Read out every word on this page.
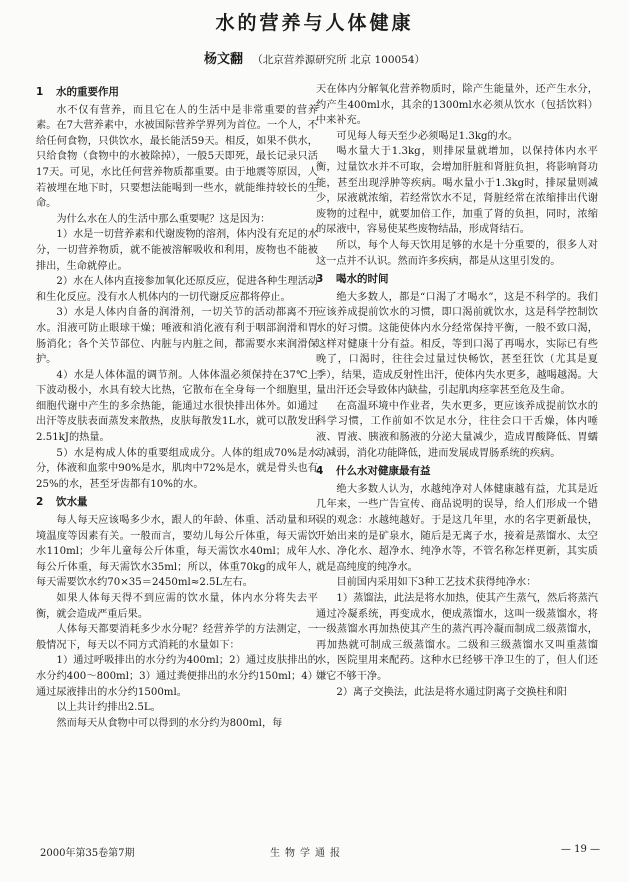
水的营养与人体健康
杨文翻 （北京营养源研究所 北京 100054）
1 水的重要作用

水不仅有营养，而且它在人的生活中是非常重要的营养素。在7大营养素中，水被国际营养学界列为首位。一个人，不给任何食物，只供饮水，最长能活59天。相反，如果不供水，只给食物（食物中的水被除掉），一般5天即死，最长记录只活17天。可见，水比任何营养物质都重要。由于地震等原因，人若被埋在地下时，只要想法能喝到一些水，就能维持较长的生命。

为什么水在人的生活中那么重要呢？这是因为：

1）水是一切营养素和代谢废物的溶剂，体内没有充足的水分，一切营养物质，就不能被溶解吸收和利用，废物也不能被排出，生命就停止。

2）水在人体内直接参加氧化还原反应，促进各种生理活动和生化反应。没有水人机体内的一切代谢反应都将停止。

3）水是人体内自备的润滑剂，一切关节的活动都离不开水。泪液可防止眼球干燥；唾液和消化液有利于咽部润滑和胃肠消化；各个关节部位、内脏与内脏之间，都需要水来润滑保护。

4）水是人体体温的调节剂。人体体温必须保持在37℃上下波动极小，水具有较大比热，它散布在全身每一个细胞里，细胞代谢中产生的多余热能，能通过水很快排出体外。如通过出汗等皮肤表面蒸发来散热，皮肤每散发1L水，就可以散发出2.51kJ的热量。

5）水是构成人体的重要组成成分。人体的组成70%是水分，体液和血浆中90%是水，肌肉中72%是水，就是骨头也有25%的水，甚至牙齿都有10%的水。

2 饮水量

每人每天应该喝多少水，跟人的年龄、体重、活动量和环境温度等因素有关。一般而言，要幼儿每公斤体重，每天需饮水110ml；少年儿童每公斤体重，每天需饮水40ml；成年人每公斤体重，每天需饮水35ml；所以，体重70kg的成年人，每天需要饮水约70×35＝2450ml≈2.5L左右。

如果人体每天得不到应需的饮水量，体内水分将失去平衡，就会造成严重后果。

人体每天都要消耗多少水分呢？经营养学的方法测定，一般情况下，每天以不同方式消耗的水量如下：

1）通过呼吸排出的水分约为400ml；2）通过皮肤排出的水分约400～800ml；3）通过粪便排出的水分约150ml；4）通过尿液排出的水分约1500ml。

以上共计约排出2.5L。

然而每天从食物中可以得到的水分约为800ml，每

天在体内分解氧化营养物质时，除产生能量外，还产生水分，约产生400ml水，其余的1300ml水必须从饮水（包括饮料）中来补充。

可见每人每天至少必须喝足1.3kg的水。

喝水量大于1.3kg，则排尿量就增加，以保持体内水平衡，过量饮水并不可取，会增加肝脏和肾脏负担，将影响肾功能，甚至出现浮肿等疾病。喝水量小于1.3kg时，排尿量则减少，尿液就浓缩，若经常饮水不足，肾脏经常在浓缩排出代谢废物的过程中，就要加倍工作，加重了肾的负担，同时，浓缩的尿液中，容易使某些废物结晶，形成肾结石。

所以，每个人每天饮用足够的水是十分重要的，很多人对这一点并不认识。然而许多疾病，都是从这里引发的。

3 喝水的时间

绝大多数人，都是“口渴了才喝水”，这是不科学的。我们应该养成提前饮水的习惯，即口渴前就饮水，这是科学控制饮水的好习惯。这能使体内水分经常保持平衡，一般不致口渴，这样对健康十分有益。相反，等到口渴了再喝水，实际已有些晚了，口渴时，往往会过量过快畅饮，甚至狂饮（尤其是夏季），结果，造成反射性出汗，使体内失水更多，越喝越渴。大量出汗还会导致体内缺盐，引起肌肉痉挛甚至危及生命。

在高温环境中作业者，失水更多，更应该养成提前饮水的科学习惯，工作前如不饮足水分，往往会口干舌燥，体内唾液、胃液、胰液和肠液的分泌大量减少，造成胃酸降低、胃蠕动减弱，消化功能降低，进而发展成胃肠系统的疾病。

4 什么水对健康最有益

绝大多数人认为，水越纯净对人体健康越有益，尤其是近几年来，一些广告宣传、商品说明的误导，给人们形成一个错误的观念：水越纯越好。于是这几年里，水的名字更新最快，开始出来的是矿泉水，随后是无离子水，接着是蒸馏水、太空水、净化水、超净水、纯净水等，不管名称怎样更新，其实质就是高纯度的纯净水。

目前国内采用如下3种工艺技术获得纯净水：

1）蒸馏法，此法是将水加热，使其产生蒸气，然后将蒸汽通过冷凝系统，再变成水，便成蒸馏水，这叫一级蒸馏水，将一级蒸馏水再加热使其产生的蒸汽再冷凝而制成二级蒸馏水，再加热就可制成三级蒸馏水。二级和三级蒸馏水又叫重蒸馏水，医院里用来配药。这种水已经够干净卫生的了，但人们还嫌它不够干净。

2）离子交换法，此法是将水通过阴离子交换柱和阳

2000年第35卷第7期	生物学通报	— 19 —
